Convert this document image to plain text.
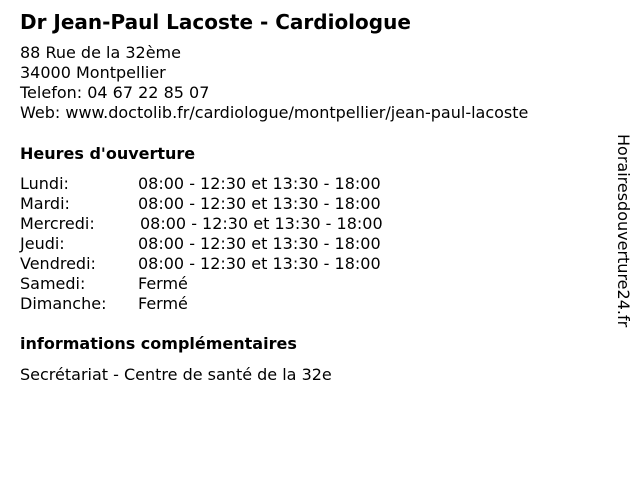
Dr Jean-Paul Lacoste - Cardiologue
88 Rue de la 32ème
34000 Montpellier
Telefon: 04 67 22 85 07
Web: www.doctolib.fr/cardiologue/montpellier/jean-paul-lacoste
Heures d'ouverture
Lundi:	08:00 - 12:30 et 13:30 - 18:00
Mardi:	08:00 - 12:30 et 13:30 - 18:00
Mercredi:	08:00 - 12:30 et 13:30 - 18:00
Jeudi:	08:00 - 12:30 et 13:30 - 18:00
Vendredi:	08:00 - 12:30 et 13:30 - 18:00
Samedi:	Fermé
Dimanche: Fermé
informations complémentaires
Secrétariat - Centre de santé de la 32e
Horairesdouverture24.fr
